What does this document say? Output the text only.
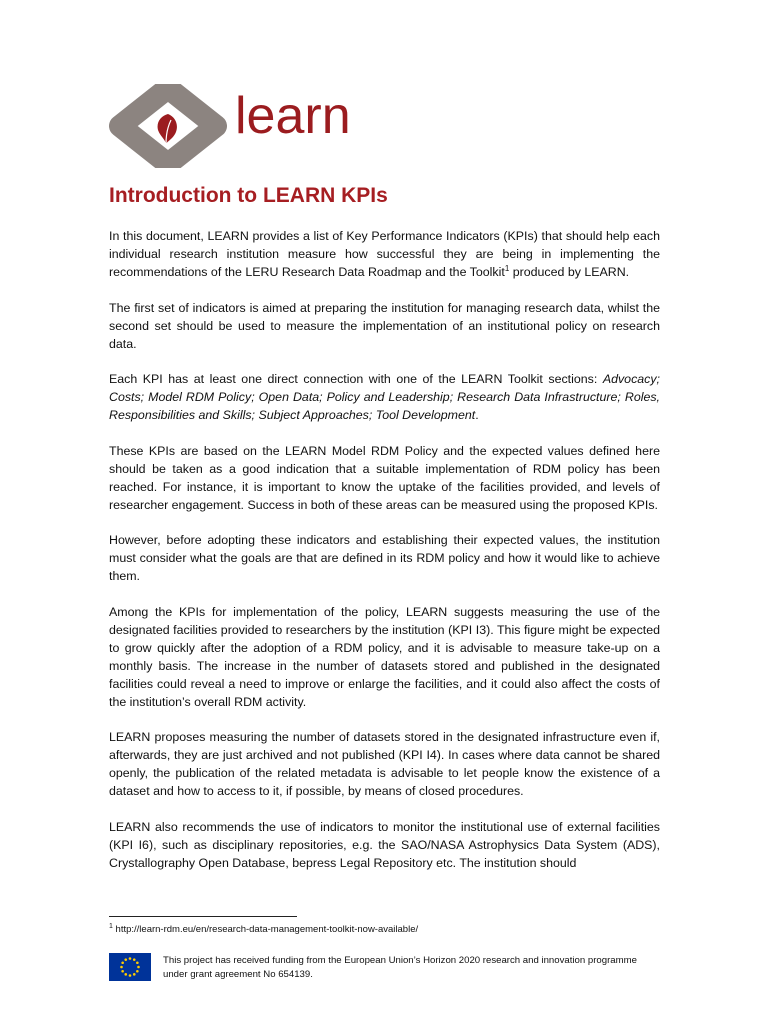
learn
Introduction to LEARN KPIs

In this document, LEARN provides a list of Key Performance Indicators (KPIs) that should help each individual research institution measure how successful they are being in implementing the recommendations of the LERU Research Data Roadmap and the Toolkit$^1$ produced by LEARN.

The first set of indicators is aimed at preparing the institution for managing research data, whilst the second set should be used to measure the implementation of an institutional policy on research data.

Each KPI has at least one direct connection with one of the LEARN Toolkit sections: Advocacy; Costs; Model RDM Policy; Open Data; Policy and Leadership; Research Data Infrastructure; Roles, Responsibilities and Skills; Subject Approaches; Tool Development.

These KPIs are based on the LEARN Model RDM Policy and the expected values defined here should be taken as a good indication that a suitable implementation of RDM policy has been reached. For instance, it is important to know the uptake of the facilities provided, and levels of researcher engagement. Success in both of these areas can be measured using the proposed KPIs.

However, before adopting these indicators and establishing their expected values, the institution must consider what the goals are that are defined in its RDM policy and how it would like to achieve them.

Among the KPIs for implementation of the policy, LEARN suggests measuring the use of the designated facilities provided to researchers by the institution (KPI I3). This figure might be expected to grow quickly after the adoption of a RDM policy, and it is advisable to measure take-up on a monthly basis. The increase in the number of datasets stored and published in the designated facilities could reveal a need to improve or enlarge the facilities, and it could also affect the costs of the institution’s overall RDM activity.

LEARN proposes measuring the number of datasets stored in the designated infrastructure even if, afterwards, they are just archived and not published (KPI I4). In cases where data cannot be shared openly, the publication of the related metadata is advisable to let people know the existence of a dataset and how to access to it, if possible, by means of closed procedures.

LEARN also recommends the use of indicators to monitor the institutional use of external facilities (KPI I6), such as disciplinary repositories, e.g. the SAO/NASA Astrophysics Data System (ADS), Crystallography Open Database, bepress Legal Repository etc. The institution should

$^1$ http://learn-rdm.eu/en/research-data-management-toolkit-now-available/
This project has received funding from the European Union’s Horizon 2020 research and innovation programme under grant agreement No 654139.
